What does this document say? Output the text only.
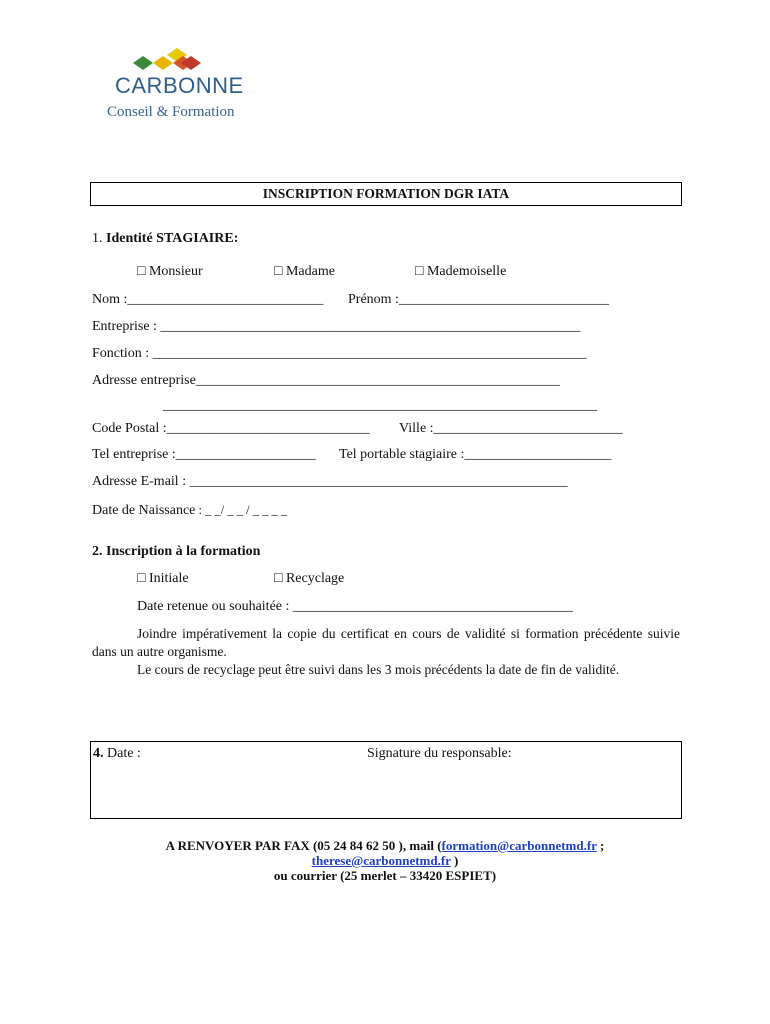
CARBONNE
Conseil & Formation
INSCRIPTION FORMATION DGR IATA
1. Identité STAGIAIRE:
□ Monsieur	□ Madame	□ Mademoiselle
Nom :____________________________ Prénom :______________________________
Entreprise : ____________________________________________________________
Fonction : ______________________________________________________________
Adresse entreprise____________________________________________________
______________________________________________________________
Code Postal :_____________________________ Ville :___________________________
Tel entreprise :____________________ Tel portable stagiaire :_____________________
Adresse E-mail : ______________________________________________________
Date de Naissance : _ _/ _ _ / _ _ _ _
2. Inscription à la formation
□ Initiale	□ Recyclage
Date retenue ou souhaitée : ________________________________________
Joindre impérativement la copie du certificat en cours de validité si formation précédente suivie dans un autre organisme.
Le cours de recyclage peut être suivi dans les 3 mois précédents la date de fin de validité.
4. Date :	Signature du responsable:
A RENVOYER PAR FAX (05 24 84 62 50 ), mail (formation@carbonnetmd.fr ;
therese@carbonnetmd.fr )
ou courrier (25 merlet – 33420 ESPIET)
